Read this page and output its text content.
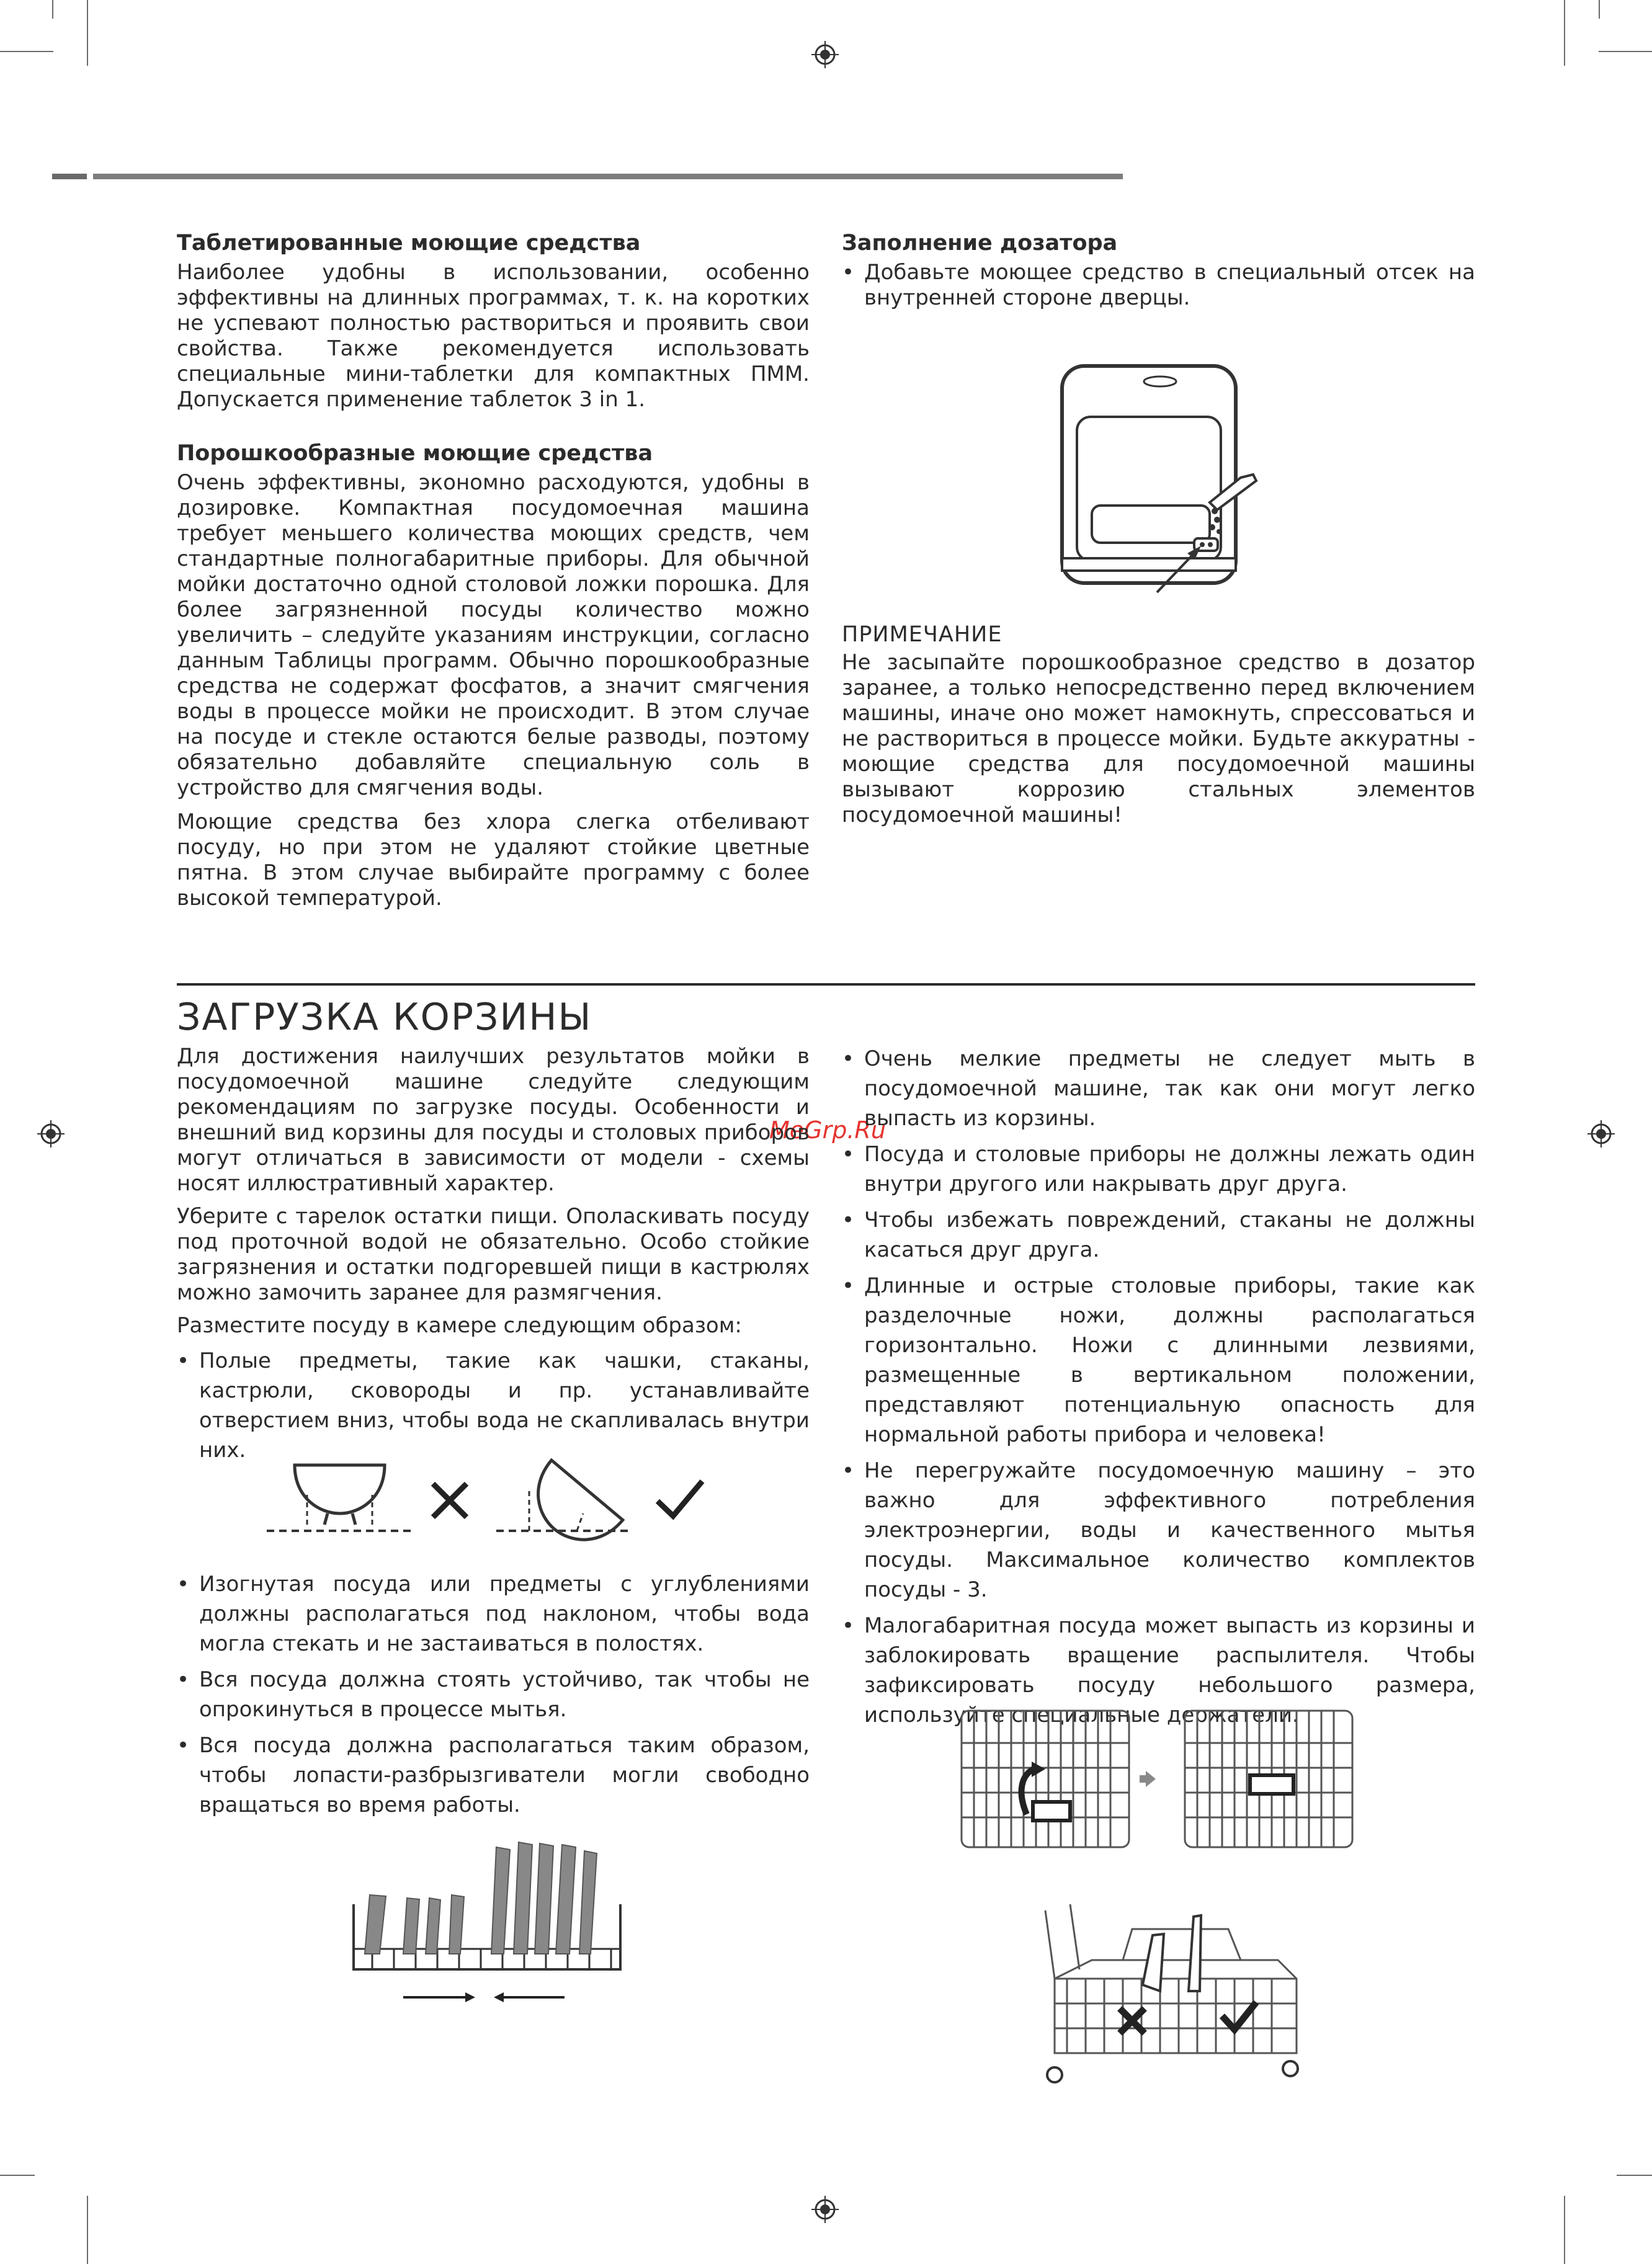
Таблетированные моющие средства

Наиболее удобны в использовании, особенно эффективны на длинных программах, т. к. на коротких не успевают полностью раствориться и проявить свои свойства. Также рекомендуется использовать специальные мини-таблетки для компактных ПММ. Допускается применение таблеток 3 in 1.

Порошкообразные моющие средства

Очень эффективны, экономно расходуются, удобны в дозировке. Компактная посудомоечная машина требует меньшего количества моющих средств, чем стандартные полногабаритные приборы. Для обычной мойки достаточно одной столовой ложки порошка. Для более загрязненной посуды количество можно увеличить – следуйте указаниям инструкции, согласно данным Таблицы программ. Обычно порошкообразные средства не содержат фосфатов, а значит смягчения воды в процессе мойки не происходит. В этом случае на посуде и стекле остаются белые разводы, поэтому обязательно добавляйте специальную соль в устройство для смягчения воды.

Моющие средства без хлора слегка отбеливают посуду, но при этом не удаляют стойкие цветные пятна. В этом случае выбирайте программу с более высокой температурой.

Заполнение дозатора
• Добавьте моющее средство в специальный отсек на внутренней стороне дверцы.
ПРИМЕЧАНИЕ

Не засыпайте порошкообразное средство в дозатор заранее, а только непосредственно перед включением машины, иначе оно может намокнуть, спрессоваться и не раствориться в процессе мойки. Будьте аккуратны - моющие средства для посудомоечной машины вызывают коррозию стальных элементов посудомоечной машины!

ЗАГРУЗКА КОРЗИНЫ
MeGrp.Ru

Для достижения наилучших результатов мойки в посудомоечной машине следуйте следующим рекомендациям по загрузке посуды. Особенности и внешний вид корзины для посуды и столовых приборов могут отличаться в зависимости от модели - схемы носят иллюстративный характер.

Уберите с тарелок остатки пищи. Ополаскивать посуду под проточной водой не обязательно. Особо стойкие загрязнения и остатки подгоревшей пищи в кастрюлях можно замочить заранее для размягчения.

Разместите посуду в камере следующим образом:

• Полые предметы, такие как чашки, стаканы, кастрюли, сковороды и пр. устанавливайте отверстием вниз, чтобы вода не скапливалась внутри них.
• Изогнутая посуда или предметы с углублениями должны располагаться под наклоном, чтобы вода могла стекать и не застаиваться в полостях.
• Вся посуда должна стоять устойчиво, так чтобы не опрокинуться в процессе мытья.
• Вся посуда должна располагаться таким образом, чтобы лопасти-разбрызгиватели могли свободно вращаться во время работы.
• Очень мелкие предметы не следует мыть в посудомоечной машине, так как они могут легко выпасть из корзины.
• Посуда и столовые приборы не должны лежать один внутри другого или накрывать друг друга.
• Чтобы избежать повреждений, стаканы не должны касаться друг друга.
• Длинные и острые столовые приборы, такие как разделочные ножи, должны располагаться горизонтально. Ножи с длинными лезвиями, размещенные в вертикальном положении, представляют потенциальную опасность для нормальной работы прибора и человека!
• Не перегружайте посудомоечную машину – это важно для эффективного потребления электроэнергии, воды и качественного мытья посуды. Максимальное количество комплектов посуды - 3.
• Малогабаритная посуда может выпасть из корзины и заблокировать вращение распылителя. Чтобы зафиксировать посуду небольшого размера, используйте специальные держатели.
